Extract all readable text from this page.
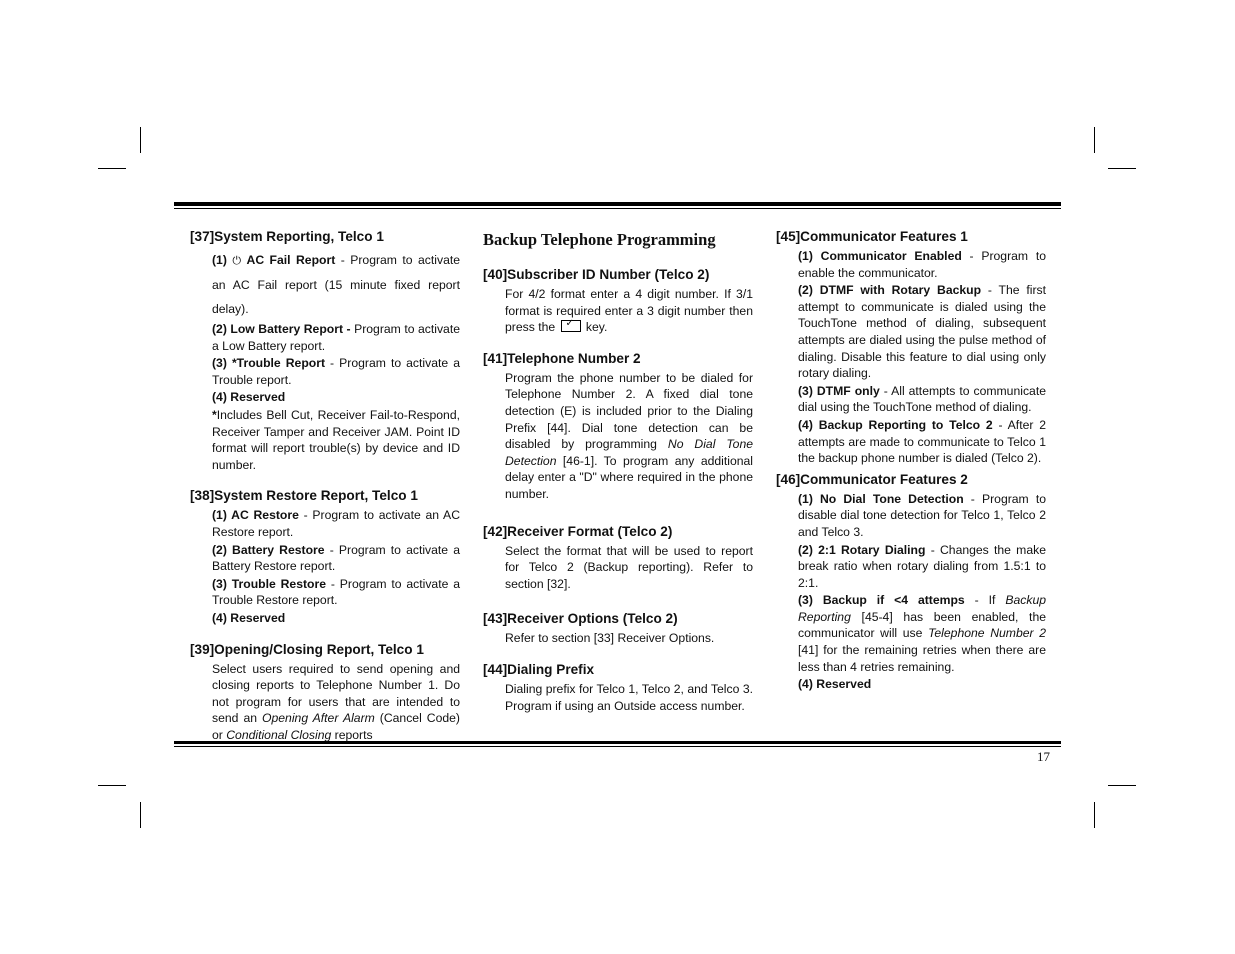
17
[37]System Reporting, Telco 1

(1) ⏻ AC Fail Report - Program to activate an AC Fail report (15 minute fixed report delay).

(2) Low Battery Report - Program to activate a Low Battery report.

(3) *Trouble Report - Program to activate a Trouble report.

(4) Reserved

*Includes Bell Cut, Receiver Fail-to-Respond, Receiver Tamper and Receiver JAM. Point ID format will report trouble(s) by device and ID number.

[38]System Restore Report, Telco 1

(1) AC Restore - Program to activate an AC Restore report.

(2) Battery Restore - Program to activate a Battery Restore report.

(3) Trouble Restore - Program to activate a Trouble Restore report.

(4) Reserved

[39]Opening/Closing Report, Telco 1

Select users required to send opening and closing reports to Telephone Number 1. Do not program for users that are intended to send an Opening After Alarm (Cancel Code) or Conditional Closing reports

Backup Telephone Programming
[40]Subscriber ID Number (Telco 2)

For 4/2 format enter a 4 digit number. If 3/1 format is required enter a 3 digit number then press the ✓ key.

[41]Telephone Number 2

Program the phone number to be dialed for Telephone Number 2. A fixed dial tone detection (E) is included prior to the Dialing Prefix [44]. Dial tone detection can be disabled by programming No Dial Tone Detection [46-1]. To program any additional delay enter a "D" where required in the phone number.

[42]Receiver Format (Telco 2)

Select the format that will be used to report for Telco 2 (Backup reporting). Refer to section [32].

[43]Receiver Options (Telco 2)

Refer to section [33] Receiver Options.

[44]Dialing Prefix

Dialing prefix for Telco 1, Telco 2, and Telco 3. Program if using an Outside access number.

[45]Communicator Features 1

(1) Communicator Enabled - Program to enable the communicator.

(2) DTMF with Rotary Backup - The first attempt to communicate is dialed using the TouchTone method of dialing, subsequent attempts are dialed using the pulse method of dialing. Disable this feature to dial using only rotary dialing.

(3) DTMF only - All attempts to communicate dial using the TouchTone method of dialing.

(4) Backup Reporting to Telco 2 - After 2 attempts are made to communicate to Telco 1 the backup phone number is dialed (Telco 2).

[46]Communicator Features 2

(1) No Dial Tone Detection - Program to disable dial tone detection for Telco 1, Telco 2 and Telco 3.

(2) 2:1 Rotary Dialing - Changes the make break ratio when rotary dialing from 1.5:1 to 2:1.

(3) Backup if <4 attemps - If Backup Reporting [45-4] has been enabled, the communicator will use Telephone Number 2 [41] for the remaining retries when there are less than 4 retries remaining.

(4) Reserved
